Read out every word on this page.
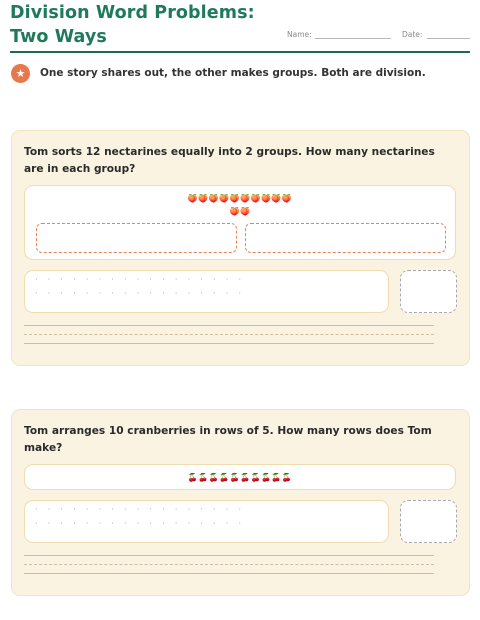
Division Word Problems:
Two Ways	Name:	Date:
★	One story shares out, the other makes groups. Both are division.
Tom sorts 12 nectarines equally into 2 groups. How many nectarines are in each group?
🍑🍑🍑🍑🍑🍑🍑🍑🍑🍑
🍑🍑
·    ·    ·    ·    ·    ·    ·    ·    ·    ·    ·    ·    ·    ·    ·    ·    ·
·    ·    ·    ·    ·    ·    ·    ·    ·    ·    ·    ·    ·    ·    ·    ·    ·
Tom arranges 10 cranberries in rows of 5. How many rows does Tom make?
🍒🍒🍒🍒🍒🍒🍒🍒🍒🍒
·    ·    ·    ·    ·    ·    ·    ·    ·    ·    ·    ·    ·    ·    ·    ·    ·
·    ·    ·    ·    ·    ·    ·    ·    ·    ·    ·    ·    ·    ·    ·    ·    ·
